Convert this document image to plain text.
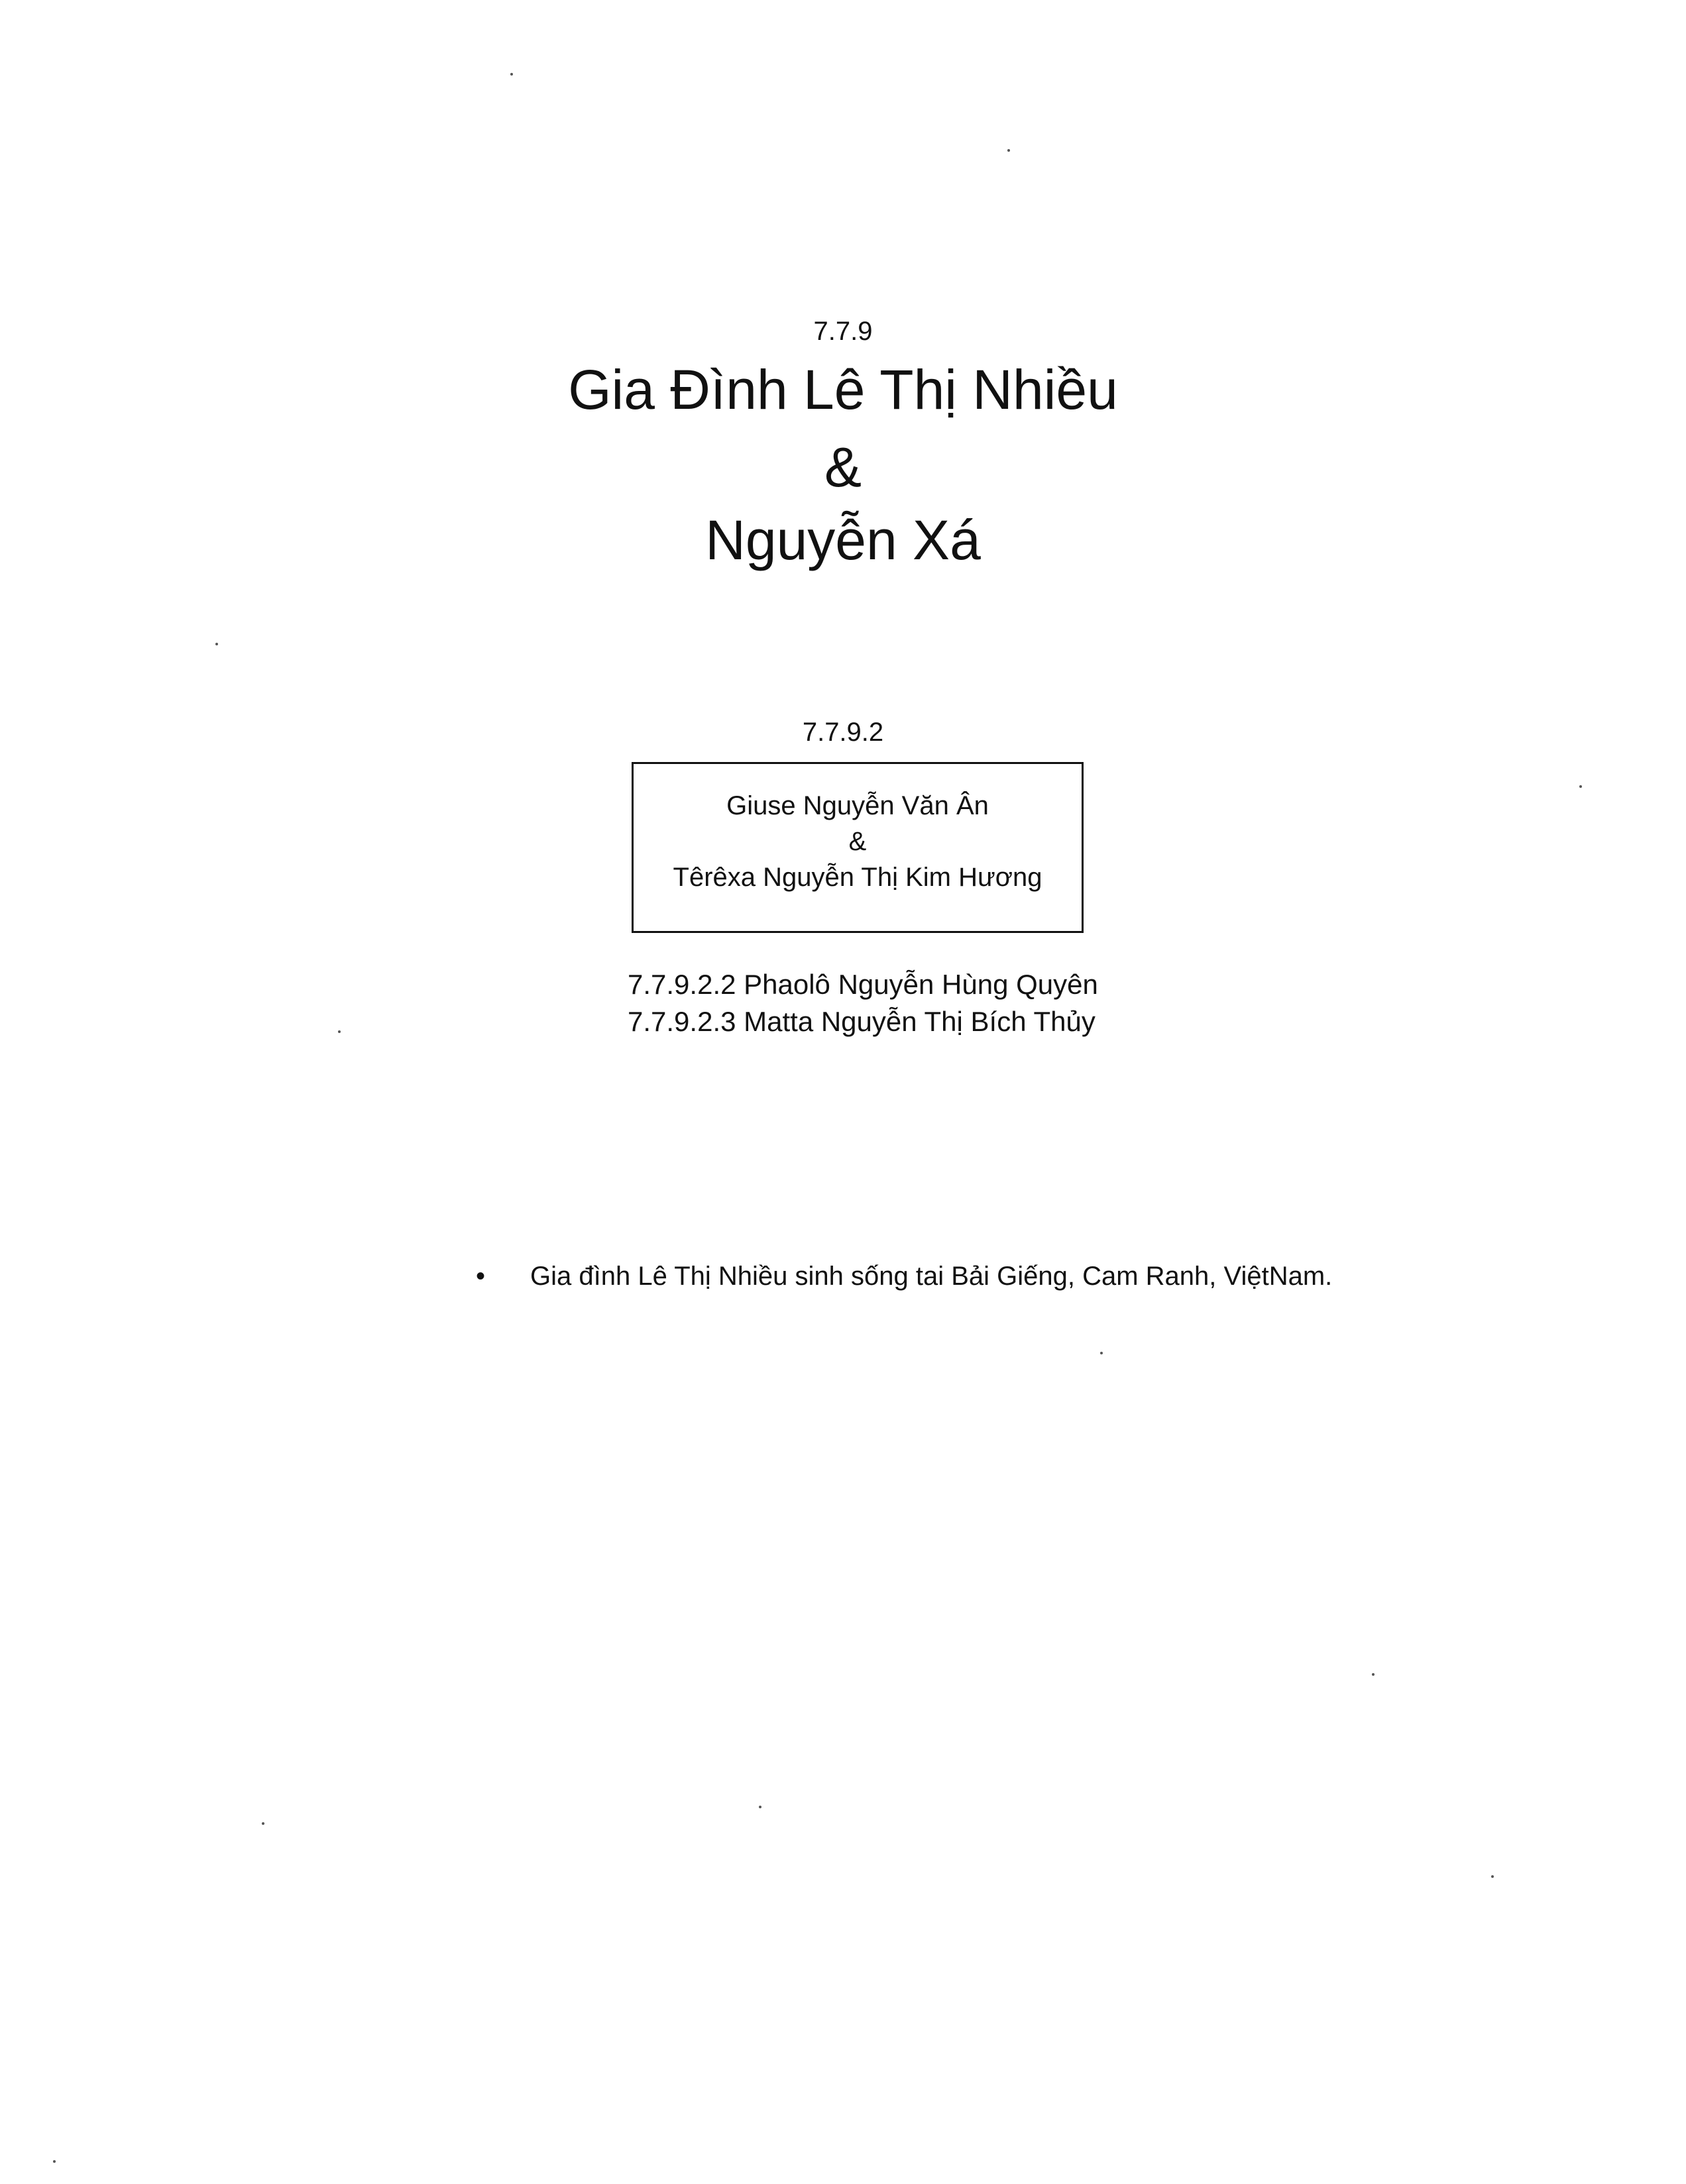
7.7.9
Gia Đình Lê Thị Nhiều
&
Nguyễn Xá
7.7.9.2
Giuse Nguyễn Văn Ân
&
Têrêxa Nguyễn Thị Kim Hương
7.7.9.2.2 Phaolô Nguyễn Hùng Quyên
7.7.9.2.3 Matta Nguyễn Thị Bích Thủy
•	Gia đình Lê Thị Nhiều sinh sống tai Bải Giếng, Cam Ranh, ViệtNam.
